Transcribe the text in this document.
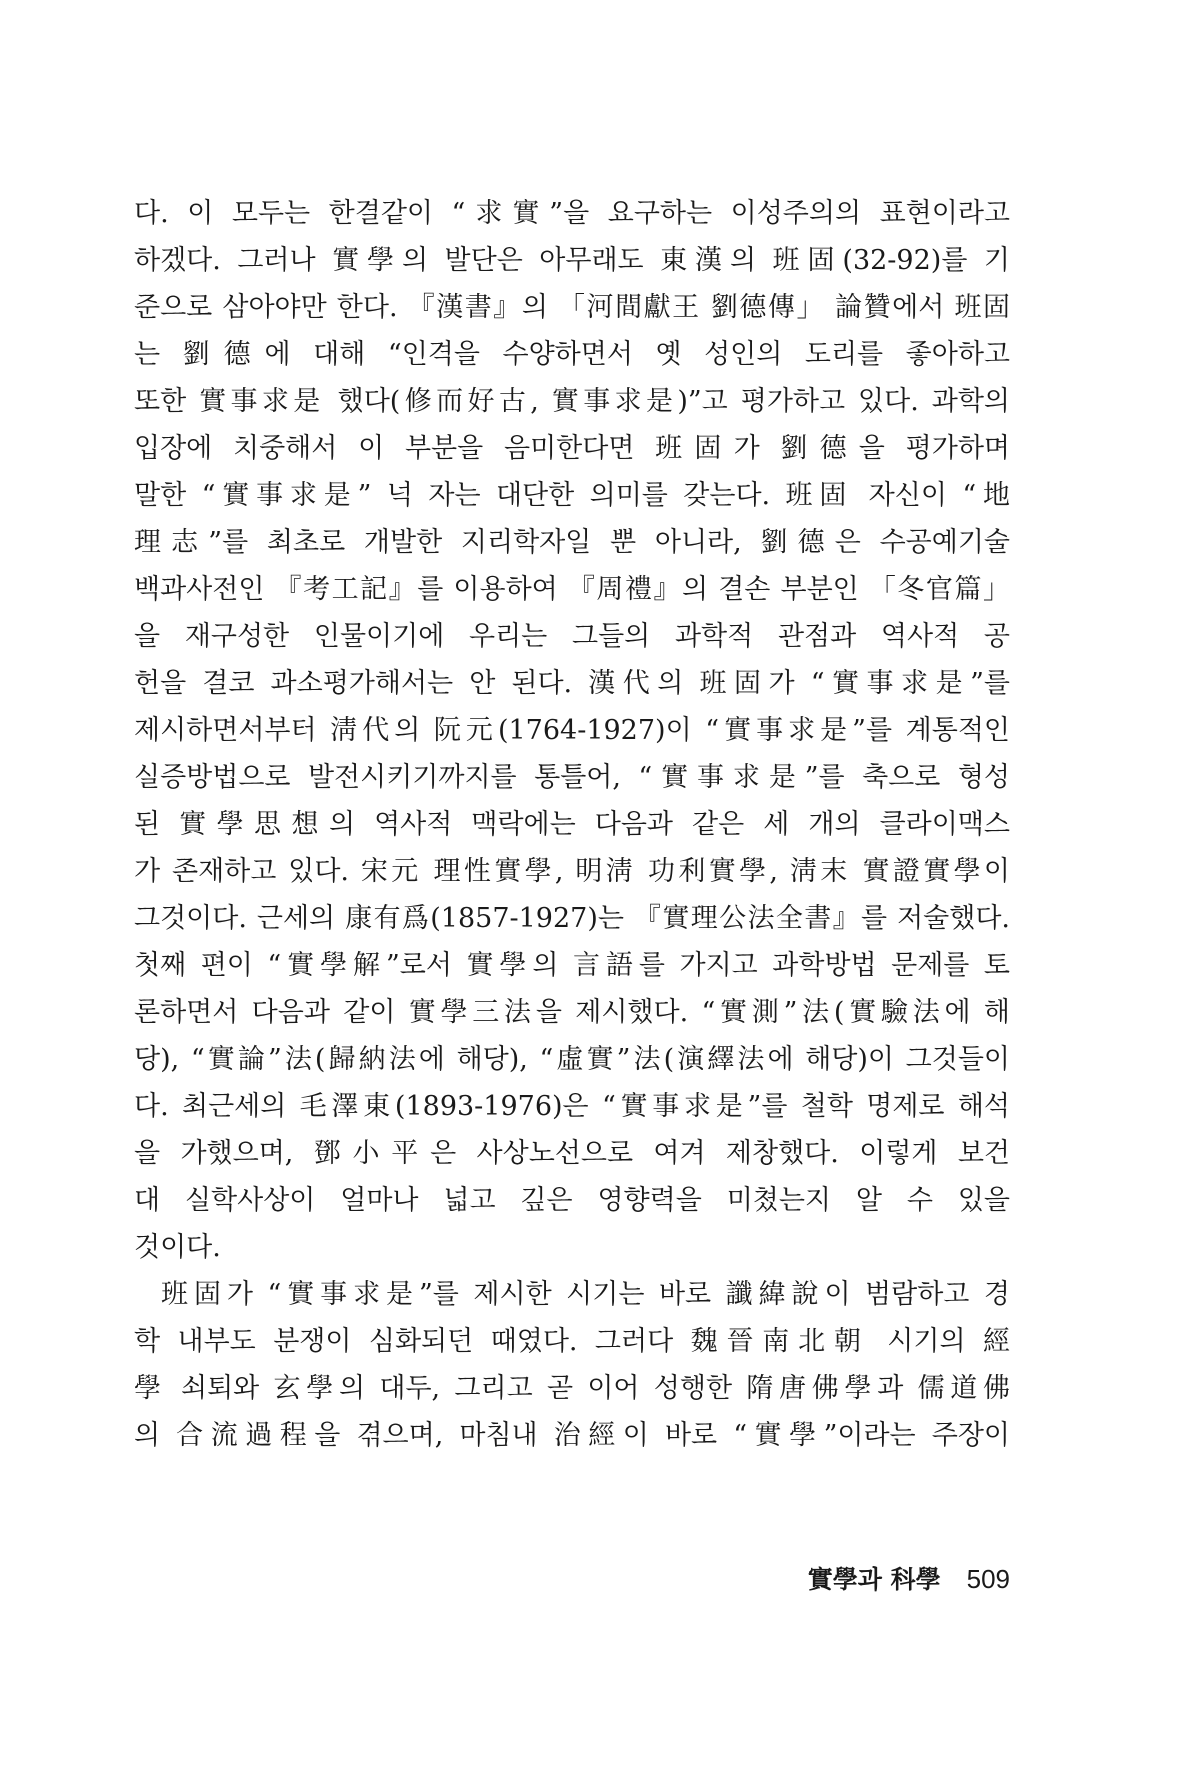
다. 이 모두는 한결같이 “求實”을 요구하는 이성주의의 표현이라고
하겠다. 그러나 實學의 발단은 아무래도 東漢의 班固(32-92)를 기
준으로 삼아야만 한다. 『漢書』의 「河間獻王 劉德傳」 論贊에서 班固
는 劉德에 대해 “인격을 수양하면서 옛 성인의 도리를 좋아하고
또한 實事求是 했다(修而好古, 實事求是)”고 평가하고 있다. 과학의
입장에 치중해서 이 부분을 음미한다면 班固가 劉德을 평가하며
말한 “實事求是” 넉 자는 대단한 의미를 갖는다. 班固 자신이 “地
理志”를 최초로 개발한 지리학자일 뿐 아니라, 劉德은 수공예기술
백과사전인 『考工記』를 이용하여 『周禮』의 결손 부분인 「冬官篇」
을 재구성한 인물이기에 우리는 그들의 과학적 관점과 역사적 공
헌을 결코 과소평가해서는 안 된다. 漢代의 班固가 “實事求是”를
제시하면서부터 淸代의 阮元(1764-1927)이 “實事求是”를 계통적인
실증방법으로 발전시키기까지를 통틀어, “實事求是”를 축으로 형성
된 實學思想의 역사적 맥락에는 다음과 같은 세 개의 클라이맥스
가 존재하고 있다. 宋元 理性實學, 明淸 功利實學, 淸末 實證實學이
그것이다. 근세의 康有爲(1857-1927)는 『實理公法全書』를 저술했다.
첫째 편이 “實學解”로서 實學의 言語를 가지고 과학방법 문제를 토
론하면서 다음과 같이 實學三法을 제시했다. “實測”法(實驗法에 해
당), “實論”法(歸納法에 해당), “虛實”法(演繹法에 해당)이 그것들이
다. 최근세의 毛澤東(1893-1976)은 “實事求是”를 철학 명제로 해석
을 가했으며, 鄧小平은 사상노선으로 여겨 제창했다. 이렇게 보건
대 실학사상이 얼마나 넓고 깊은 영향력을 미쳤는지 알 수 있을
것이다.
班固가 “實事求是”를 제시한 시기는 바로 讖緯說이 범람하고 경
학 내부도 분쟁이 심화되던 때였다. 그러다 魏晉南北朝 시기의 經
學 쇠퇴와 玄學의 대두, 그리고 곧 이어 성행한 隋唐佛學과 儒道佛
의 合流過程을 겪으며, 마침내 治經이 바로 “實學”이라는 주장이
實學과 科學 509
